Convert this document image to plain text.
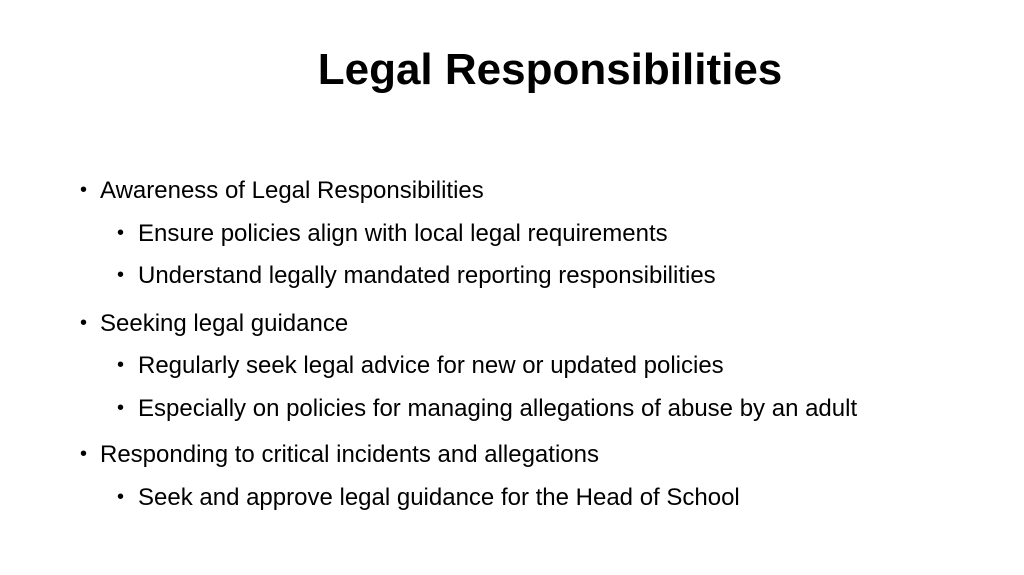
Legal Responsibilities
• Awareness of Legal Responsibilities
• Ensure policies align with local legal requirements
• Understand legally mandated reporting responsibilities
• Seeking legal guidance
• Regularly seek legal advice for new or updated policies
• Especially on policies for managing allegations of abuse by an adult
• Responding to critical incidents and allegations
• Seek and approve legal guidance for the Head of School
